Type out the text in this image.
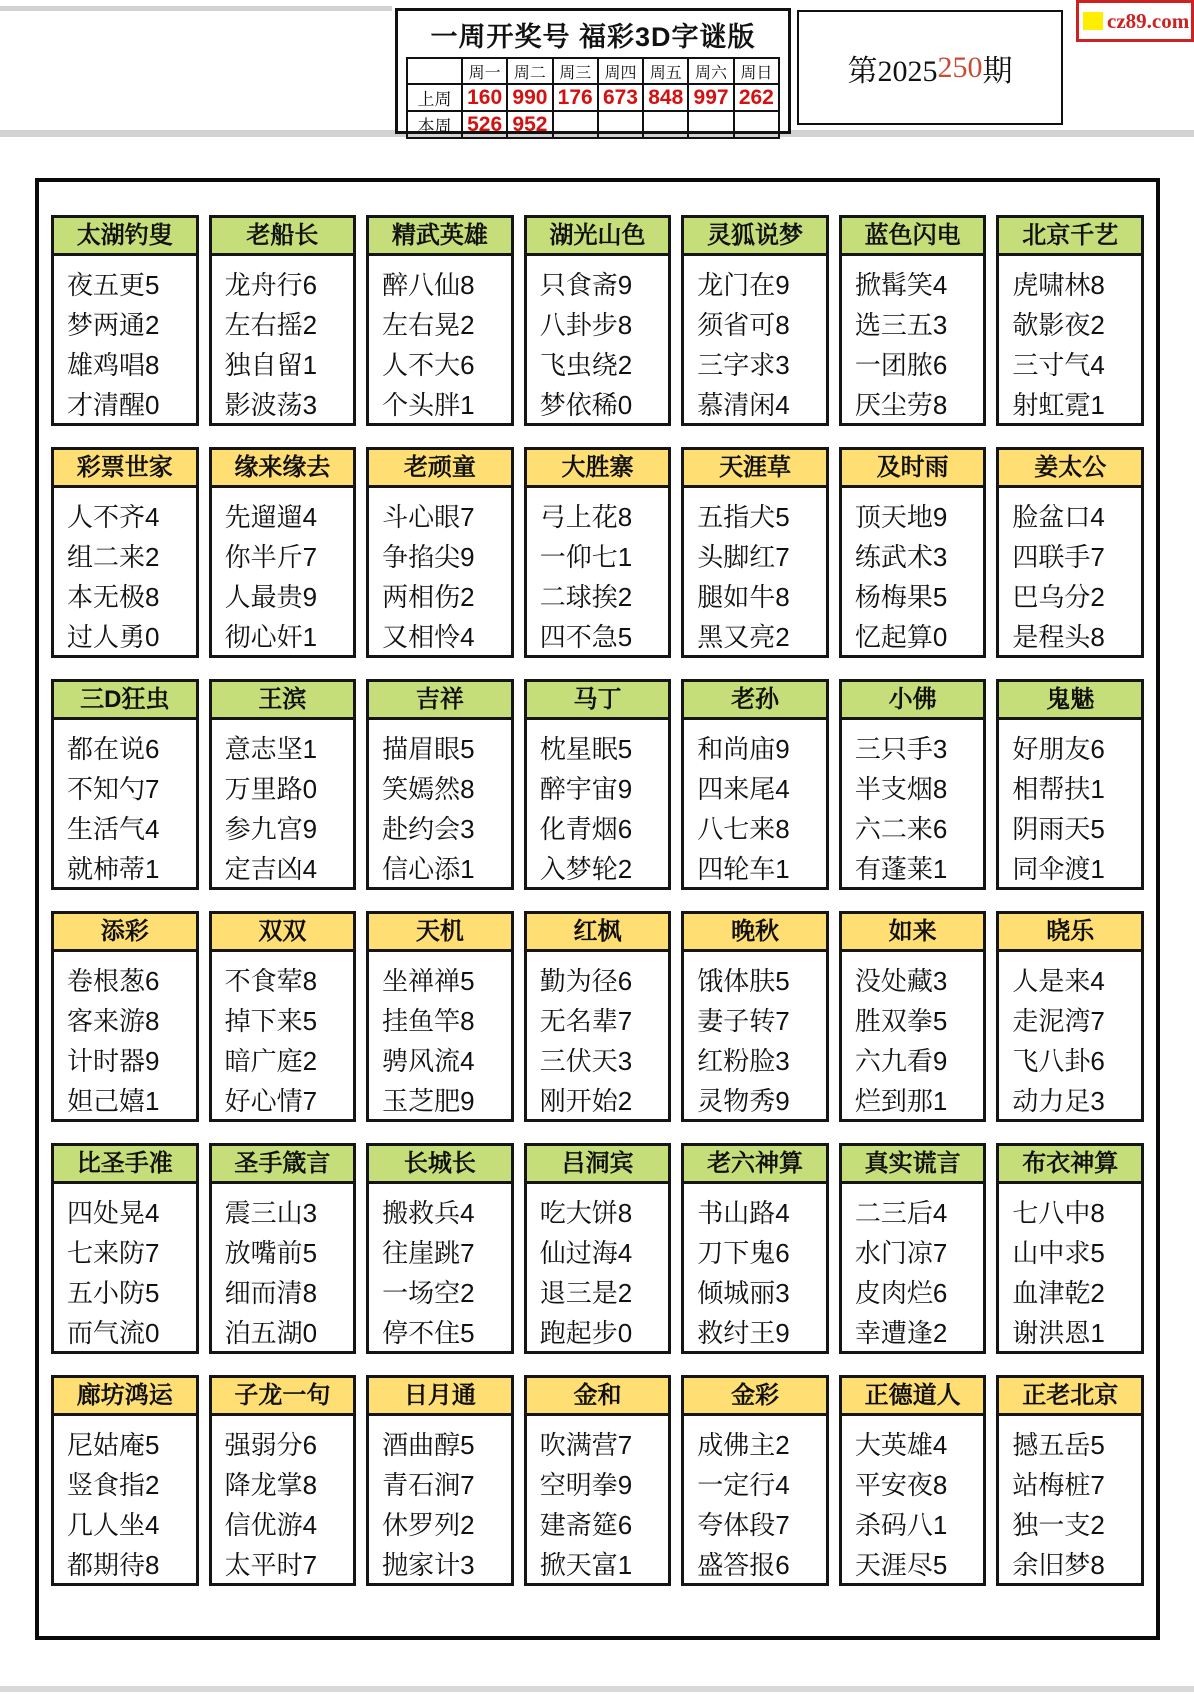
一周开奖号 福彩3D字谜版
	周一	周二	周三	周四	周五	周六	周日
上周	160	990	176	673	848	997	262
本周	526	952					
第2025 250 期
cz89.com
太湖钓叟
夜五更5
梦两通2
雄鸡唱8
才清醒0
老船长
龙舟行6
左右摇2
独自留1
影波荡3
精武英雄
醉八仙8
左右晃2
人不大6
个头胖1
湖光山色
只食斋9
八卦步8
飞虫绕2
梦依稀0
灵狐说梦
龙门在9
须省可8
三字求3
慕清闲4
蓝色闪电
掀髯笑4
选三五3
一团脓6
厌尘劳8
北京千艺
虎啸林8
欹影夜2
三寸气4
射虹霓1
彩票世家
人不齐4
组二来2
本无极8
过人勇0
缘来缘去
先遛遛4
你半斤7
人最贵9
彻心奸1
老顽童
斗心眼7
争掐尖9
两相伤2
又相怜4
大胜寨
弓上花8
一仰七1
二球挨2
四不急5
天涯草
五指犬5
头脚红7
腿如牛8
黑又亮2
及时雨
顶天地9
练武术3
杨梅果5
忆起算0
姜太公
脸盆口4
四联手7
巴乌分2
是程头8
三D狂虫
都在说6
不知勺7
生活气4
就柿蒂1
王滨
意志坚1
万里路0
参九宫9
定吉凶4
吉祥
描眉眼5
笑嫣然8
赴约会3
信心添1
马丁
枕星眠5
醉宇宙9
化青烟6
入梦轮2
老孙
和尚庙9
四来尾4
八七来8
四轮车1
小佛
三只手3
半支烟8
六二来6
有蓬莱1
鬼魅
好朋友6
相帮扶1
阴雨天5
同伞渡1
添彩
卷根葱6
客来游8
计时器9
妲己嬉1
双双
不食荤8
掉下来5
暗广庭2
好心情7
天机
坐禅禅5
挂鱼竿8
骋风流4
玉芝肥9
红枫
勤为径6
无名辈7
三伏天3
刚开始2
晚秋
饿体肤5
妻子转7
红粉脸3
灵物秀9
如来
没处藏3
胜双拳5
六九看9
烂到那1
晓乐
人是来4
走泥湾7
飞八卦6
动力足3
比圣手准
四处晃4
七来防7
五小防5
而气流0
圣手箴言
震三山3
放嘴前5
细而清8
泊五湖0
长城长
搬救兵4
往崖跳7
一场空2
停不住5
吕洞宾
吃大饼8
仙过海4
退三是2
跑起步0
老六神算
书山路4
刀下鬼6
倾城丽3
救纣王9
真实谎言
二三后4
水门凉7
皮肉烂6
幸遭逢2
布衣神算
七八中8
山中求5
血津乾2
谢洪恩1
廊坊鸿运
尼姑庵5
竖食指2
几人坐4
都期待8
子龙一句
强弱分6
降龙掌8
信优游4
太平时7
日月通
酒曲醇5
青石涧7
休罗列2
抛家计3
金和
吹满营7
空明拳9
建斋筵6
掀天富1
金彩
成佛主2
一定行4
夸体段7
盛答报6
正德道人
大英雄4
平安夜8
杀码八1
天涯尽5
正老北京
撼五岳5
站梅桩7
独一支2
余旧梦8
